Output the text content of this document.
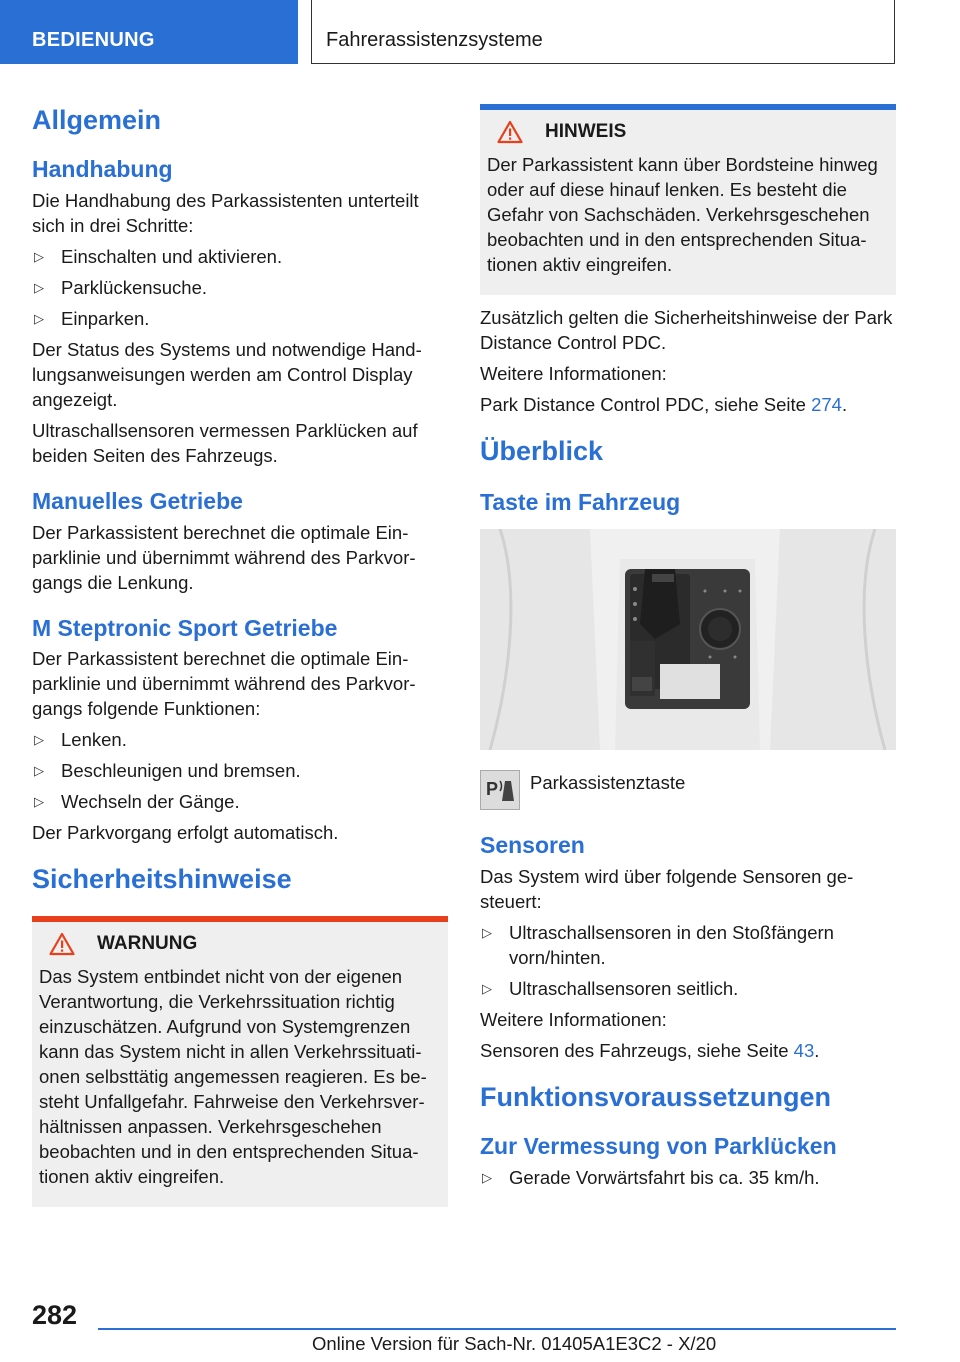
BEDIENUNG	Fahrerassistenzsysteme
Allgemein
Handhabung

Die Handhabung des Parkassistenten unterteilt sich in drei Schritte:

▷ Einschalten und aktivieren.
▷ Parklückensuche.
▷ Einparken.

Der Status des Systems und notwendige Handlungsanweisungen werden am Control Display angezeigt.

Ultraschallsensoren vermessen Parklücken auf beiden Seiten des Fahrzeugs.

Manuelles Getriebe

Der Parkassistent berechnet die optimale Einparklinie und übernimmt während des Parkvorgangs die Lenkung.

M Steptronic Sport Getriebe

Der Parkassistent berechnet die optimale Einparklinie und übernimmt während des Parkvorgangs folgende Funktionen:

▷ Lenken.
▷ Beschleunigen und bremsen.
▷ Wechseln der Gänge.

Der Parkvorgang erfolgt automatisch.

Sicherheitshinweise
WARNUNG

Das System entbindet nicht von der eigenen Verantwortung, die Verkehrssituation richtig einzuschätzen. Aufgrund von Systemgrenzen kann das System nicht in allen Verkehrssituationen selbsttätig angemessen reagieren. Es besteht Unfallgefahr. Fahrweise den Verkehrsverhältnissen anpassen. Verkehrsgeschehen beobachten und in den entsprechenden Situationen aktiv eingreifen.

HINWEIS

Der Parkassistent kann über Bordsteine hinweg oder auf diese hinauf lenken. Es besteht die Gefahr von Sachschäden. Verkehrsgeschehen beobachten und in den entsprechenden Situationen aktiv eingreifen.

Zusätzlich gelten die Sicherheitshinweise der Park Distance Control PDC.

Weitere Informationen:

Park Distance Control PDC, siehe Seite 274.

Überblick
Taste im Fahrzeug
P Parkassistenztaste
Sensoren

Das System wird über folgende Sensoren gesteuert:

▷ Ultraschallsensoren in den Stoßfängern vorn/hinten.
▷ Ultraschallsensoren seitlich.

Weitere Informationen:

Sensoren des Fahrzeugs, siehe Seite 43.

Funktionsvoraussetzungen
Zur Vermessung von Parklücken
▷ Gerade Vorwärtsfahrt bis ca. 35 km/h.
282
Online Version für Sach-Nr. 01405A1E3C2 - X/20
